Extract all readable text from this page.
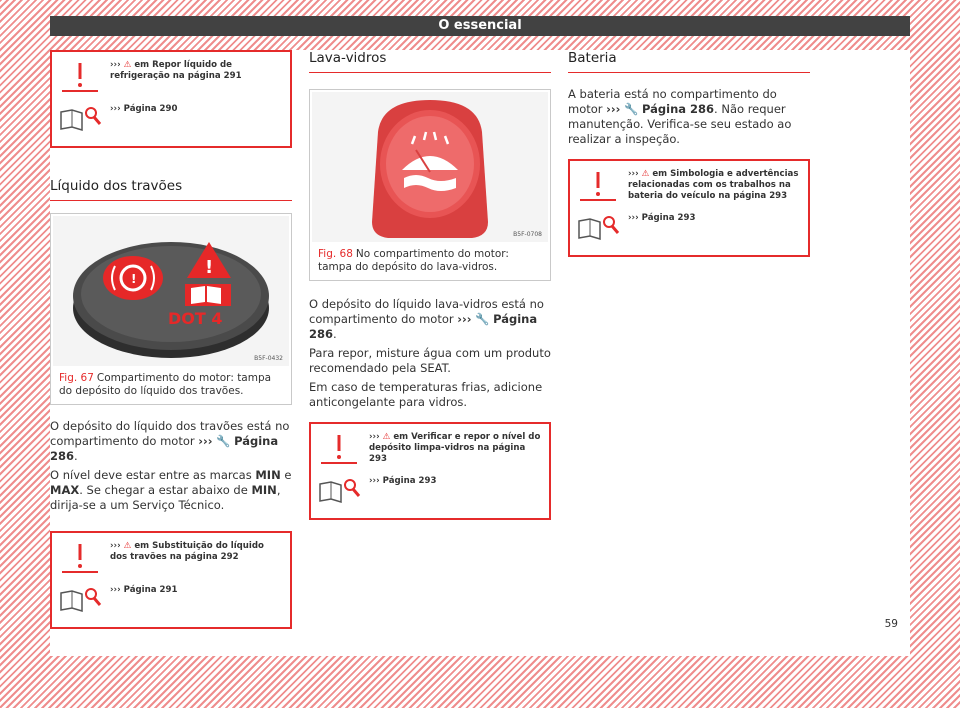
O essencial
››› ⚠ em Repor líquido de refrigeração na página 291
››› Página 290
Líquido dos travões
!
!
DOT 4
B5F-0432
Fig. 67 Compartimento do motor: tampa do depósito do líquido dos travões.

O depósito do líquido dos travões está no compartimento do motor ››› 🔧 Página 286.

O nível deve estar entre as marcas MIN e MAX. Se chegar a estar abaixo de MIN, dirija-se a um Serviço Técnico.

››› ⚠ em Substituição do líquido dos travões na página 292
››› Página 291
Lava-vidros
B5F-0708
Fig. 68 No compartimento do motor: tampa do depósito do lava-vidros.

O depósito do líquido lava-vidros está no compartimento do motor ››› 🔧 Página 286.

Para repor, misture água com um produto recomendado pela SEAT.

Em caso de temperaturas frias, adicione anticongelante para vidros.

››› ⚠ em Verificar e repor o nível do depósito limpa-vidros na página 293
››› Página 293
Bateria

A bateria está no compartimento do motor ››› 🔧 Página 286. Não requer manutenção. Verifica-se seu estado ao realizar a inspeção.

››› ⚠ em Simbologia e advertências relacionadas com os trabalhos na bateria do veículo na página 293
››› Página 293
59
